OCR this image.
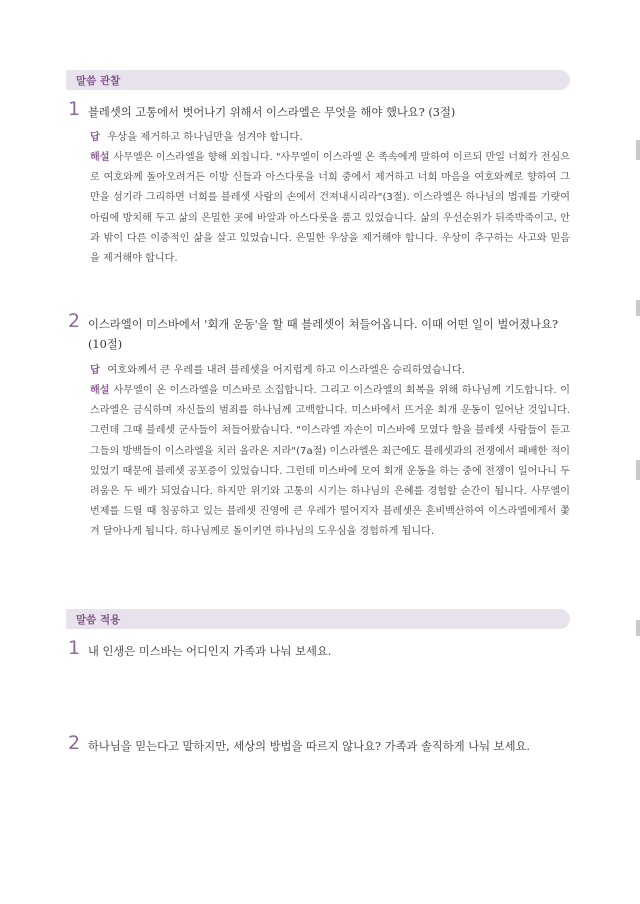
말씀 관찰
1 블레셋의 고통에서 벗어나기 위해서 이스라엘은 무엇을 해야 했나요? (3절)
답 우상을 제거하고 하나님만을 섬겨야 합니다.
해설 사무엘은 이스라엘을 향해 외칩니다. "사무엘이 이스라엘 온 족속에게 말하여 이르되 만일 너희가 전심으로 여호와께 돌아오려거든 이방 신들과 아스다롯을 너희 중에서 제거하고 너희 마음을 여호와께로 향하여 그만을 섬기라 그리하면 너희를 블레셋 사람의 손에서 건져내시리라"(3절). 이스라엘은 하나님의 법궤를 기럇여아림에 방치해 두고 삶의 은밀한 곳에 바알과 아스다롯을 품고 있었습니다. 삶의 우선순위가 뒤죽박죽이고, 안과 밖이 다른 이중적인 삶을 살고 있었습니다. 은밀한 우상을 제거해야 합니다. 우상이 추구하는 사고와 믿음을 제거해야 합니다.
2 이스라엘이 미스바에서 '회개 운동'을 할 때 블레셋이 쳐들어옵니다. 이때 어떤 일이 벌어졌나요? (10절)
답 여호와께서 큰 우레를 내려 블레셋을 어지럽게 하고 이스라엘은 승리하였습니다.
해설 사무엘이 온 이스라엘을 미스바로 소집합니다. 그리고 이스라엘의 회복을 위해 하나님께 기도합니다. 이스라엘은 금식하며 자신들의 범죄를 하나님께 고백합니다. 미스바에서 뜨거운 회개 운동이 일어난 것입니다. 그런데 그때 블레셋 군사들이 쳐들어왔습니다. "이스라엘 자손이 미스바에 모였다 함을 블레셋 사람들이 듣고 그들의 방백들이 이스라엘을 치러 올라온 지라"(7a절) 이스라엘은 최근에도 블레셋과의 전쟁에서 패배한 적이 있었기 때문에 블레셋 공포증이 있었습니다. 그런데 미스바에 모여 회개 운동을 하는 중에 전쟁이 일어나니 두려움은 두 배가 되었습니다. 하지만 위기와 고통의 시기는 하나님의 은혜를 경험할 순간이 됩니다. 사무엘이 번제를 드릴 때 침공하고 있는 블레셋 진영에 큰 우레가 떨어지자 블레셋은 혼비백산하여 이스라엘에게서 쫓겨 달아나게 됩니다. 하나님께로 돌이키면 하나님의 도우심을 경험하게 됩니다.
말씀 적용
1 내 인생은 미스바는 어디인지 가족과 나눠 보세요.
2 하나님을 믿는다고 말하지만, 세상의 방법을 따르지 않나요? 가족과 솔직하게 나눠 보세요.
